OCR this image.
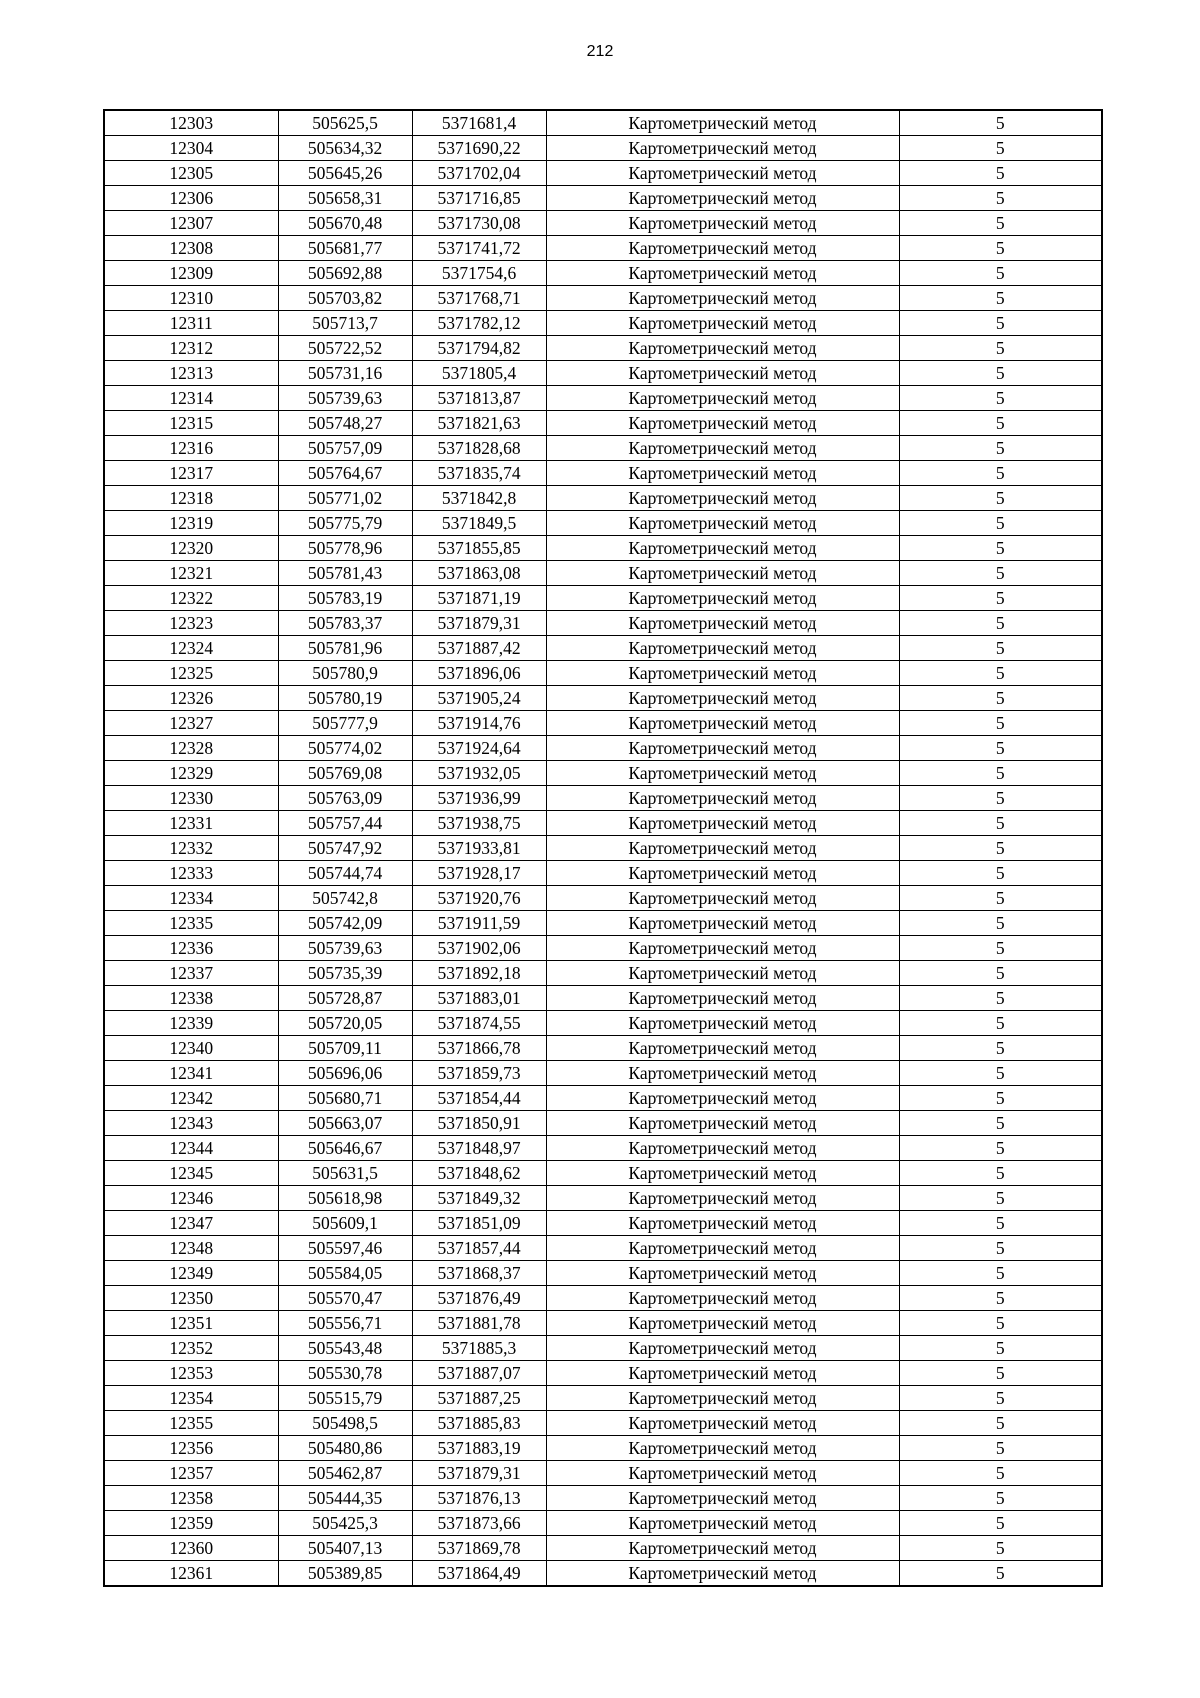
212
12303	505625,5	5371681,4	Картометрический метод	5
12304	505634,32	5371690,22	Картометрический метод	5
12305	505645,26	5371702,04	Картометрический метод	5
12306	505658,31	5371716,85	Картометрический метод	5
12307	505670,48	5371730,08	Картометрический метод	5
12308	505681,77	5371741,72	Картометрический метод	5
12309	505692,88	5371754,6	Картометрический метод	5
12310	505703,82	5371768,71	Картометрический метод	5
12311	505713,7	5371782,12	Картометрический метод	5
12312	505722,52	5371794,82	Картометрический метод	5
12313	505731,16	5371805,4	Картометрический метод	5
12314	505739,63	5371813,87	Картометрический метод	5
12315	505748,27	5371821,63	Картометрический метод	5
12316	505757,09	5371828,68	Картометрический метод	5
12317	505764,67	5371835,74	Картометрический метод	5
12318	505771,02	5371842,8	Картометрический метод	5
12319	505775,79	5371849,5	Картометрический метод	5
12320	505778,96	5371855,85	Картометрический метод	5
12321	505781,43	5371863,08	Картометрический метод	5
12322	505783,19	5371871,19	Картометрический метод	5
12323	505783,37	5371879,31	Картометрический метод	5
12324	505781,96	5371887,42	Картометрический метод	5
12325	505780,9	5371896,06	Картометрический метод	5
12326	505780,19	5371905,24	Картометрический метод	5
12327	505777,9	5371914,76	Картометрический метод	5
12328	505774,02	5371924,64	Картометрический метод	5
12329	505769,08	5371932,05	Картометрический метод	5
12330	505763,09	5371936,99	Картометрический метод	5
12331	505757,44	5371938,75	Картометрический метод	5
12332	505747,92	5371933,81	Картометрический метод	5
12333	505744,74	5371928,17	Картометрический метод	5
12334	505742,8	5371920,76	Картометрический метод	5
12335	505742,09	5371911,59	Картометрический метод	5
12336	505739,63	5371902,06	Картометрический метод	5
12337	505735,39	5371892,18	Картометрический метод	5
12338	505728,87	5371883,01	Картометрический метод	5
12339	505720,05	5371874,55	Картометрический метод	5
12340	505709,11	5371866,78	Картометрический метод	5
12341	505696,06	5371859,73	Картометрический метод	5
12342	505680,71	5371854,44	Картометрический метод	5
12343	505663,07	5371850,91	Картометрический метод	5
12344	505646,67	5371848,97	Картометрический метод	5
12345	505631,5	5371848,62	Картометрический метод	5
12346	505618,98	5371849,32	Картометрический метод	5
12347	505609,1	5371851,09	Картометрический метод	5
12348	505597,46	5371857,44	Картометрический метод	5
12349	505584,05	5371868,37	Картометрический метод	5
12350	505570,47	5371876,49	Картометрический метод	5
12351	505556,71	5371881,78	Картометрический метод	5
12352	505543,48	5371885,3	Картометрический метод	5
12353	505530,78	5371887,07	Картометрический метод	5
12354	505515,79	5371887,25	Картометрический метод	5
12355	505498,5	5371885,83	Картометрический метод	5
12356	505480,86	5371883,19	Картометрический метод	5
12357	505462,87	5371879,31	Картометрический метод	5
12358	505444,35	5371876,13	Картометрический метод	5
12359	505425,3	5371873,66	Картометрический метод	5
12360	505407,13	5371869,78	Картометрический метод	5
12361	505389,85	5371864,49	Картометрический метод	5
